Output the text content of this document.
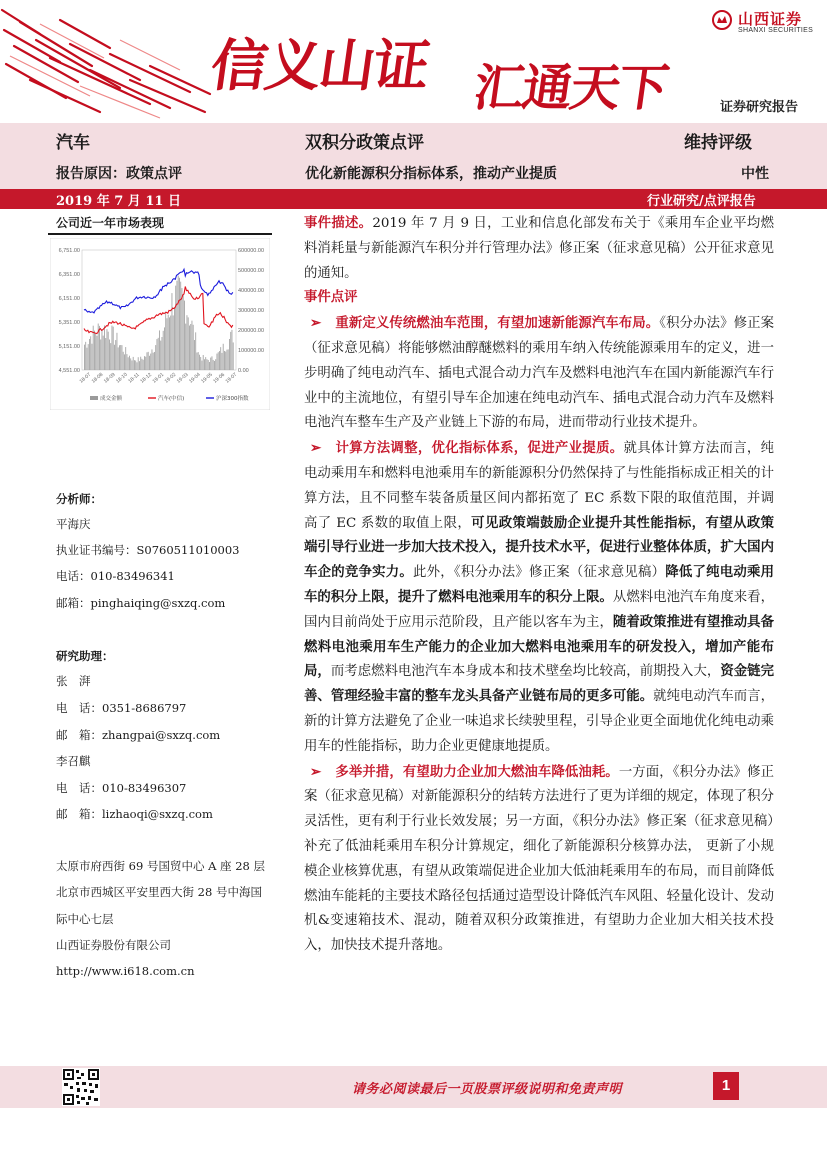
信义山证 汇通天下
山西证券
SHANXI SECURITIES
证券研究报告
汽车	双积分政策点评	维持评级
报告原因：政策点评	优化新能源积分指标体系，推动产业提质	中性
2019 年 7 月 11 日	行业研究/点评报告
公司近一年市场表现
6,751.00
6,351.00
6,151.00
5,351.00
5,151.00
4,551.00
600000.00
500000.00
400000.00
300000.00
200000.00
100000.00
0.00
18-07
18-08
18-09
18-10
18-11
18-12
19-01
19-02
19-03
19-04
19-05
19-06
19-07
成交金额	汽车(中信)	沪深300指数
分析师：
平海庆
执业证书编号：S0760511010003
电话：010-83496341
邮箱：pinghaiqing@sxzq.com
研究助理：
张　湃
电　话：0351-8686797
邮　箱：zhangpai@sxzq.com
李召麒
电　话：010-83496307
邮　箱：lizhaoqi@sxzq.com
太原市府西街 69 号国贸中心 A 座 28 层
北京市西城区平安里西大街 28 号中海国
际中心七层
山西证券股份有限公司
http://www.i618.com.cn

事件描述。2019 年 7 月 9 日，工业和信息化部发布关于《乘用车企业平均燃料消耗量与新能源汽车积分并行管理办法》修正案（征求意见稿）公开征求意见的通知。

事件点评

➢ 重新定义传统燃油车范围，有望加速新能源汽车布局。《积分办法》修正案（征求意见稿）将能够燃油醇醚燃料的乘用车纳入传统能源乘用车的定义，进一步明确了纯电动汽车、插电式混合动力汽车及燃料电池汽车在国内新能源汽车行业中的主流地位，有望引导车企加速在纯电动汽车、插电式混合动力汽车及燃料电池汽车整车生产及产业链上下游的布局，进而带动行业技术提升。

➢ 计算方法调整，优化指标体系，促进产业提质。就具体计算方法而言，纯电动乘用车和燃料电池乘用车的新能源积分仍然保持了与性能指标成正相关的计算方法，且不同整车装备质量区间内都拓宽了 EC 系数下限的取值范围，并调高了 EC 系数的取值上限，可见政策端鼓励企业提升其性能指标，有望从政策端引导行业进一步加大技术投入，提升技术水平，促进行业整体体质，扩大国内车企的竞争实力。此外，《积分办法》修正案（征求意见稿）降低了纯电动乘用车的积分上限，提升了燃料电池乘用车的积分上限。从燃料电池汽车角度来看，国内目前尚处于应用示范阶段，且产能以客车为主，随着政策推进有望推动具备燃料电池乘用车生产能力的企业加大燃料电池乘用车的研发投入，增加产能布局，而考虑燃料电池汽车本身成本和技术壁垒均比较高，前期投入大，资金链完善、管理经验丰富的整车龙头具备产业链布局的更多可能。就纯电动汽车而言，新的计算方法避免了企业一味追求长续驶里程，引导企业更全面地优化纯电动乘用车的性能指标，助力企业更健康地提质。

➢ 多举并措，有望助力企业加大燃油车降低油耗。一方面，《积分办法》修正案（征求意见稿）对新能源积分的结转方法进行了更为详细的规定，体现了积分灵活性，更有利于行业长效发展；另一方面，《积分办法》修正案（征求意见稿）补充了低油耗乘用车积分计算规定，细化了新能源积分核算办法， 更新了小规模企业核算优惠，有望从政策端促进企业加大低油耗乘用车的布局，而目前降低燃油车能耗的主要技术路径包括通过造型设计降低汽车风阻、轻量化设计、发动机&变速箱技术、混动，随着双积分政策推进，有望助力企业加大相关技术投入，加快技术提升落地。

请务必阅读最后一页股票评级说明和免责声明	1
